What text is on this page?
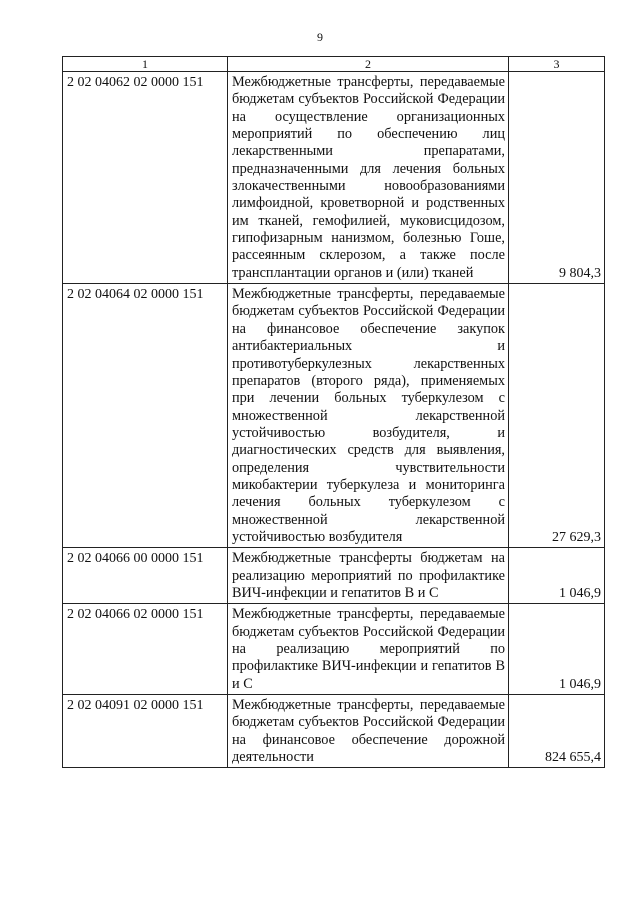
9
1	2	3
2 02 04062 02 0000 151	Межбюджетные трансферты, передаваемые бюджетам субъектов Российской Федерации на осуществление организационных мероприятий по обеспечению лиц лекарственными препаратами, предназначенными для лечения больных злокачественными новообразованиями лимфоидной, кроветворной и родственных им тканей, гемофилией, муковисцидозом, гипофизарным нанизмом, болезнью Гоше, рассеянным склерозом, а также после трансплантации органов и (или) тканей	9 804,3

2 02 04064 02 0000 151	Межбюджетные трансферты, передаваемые бюджетам субъектов Российской Федерации на финансовое обеспечение закупок антибактериальных и противотуберкулезных лекарственных препаратов (второго ряда), применяемых при лечении больных туберкулезом с множественной лекарственной устойчивостью возбудителя, и диагностических средств для выявления, определения чувствительности микобактерии туберкулеза и мониторинга лечения больных туберкулезом с множественной лекарственной устойчивостью возбудителя	27 629,3

2 02 04066 00 0000 151	Межбюджетные трансферты бюджетам на реализацию мероприятий по профилактике ВИЧ-инфекции и гепатитов В и С	1 046,9

2 02 04066 02 0000 151	Межбюджетные трансферты, передаваемые бюджетам субъектов Российской Федерации на реализацию мероприятий по профилактике ВИЧ-инфекции и гепатитов В и С	1 046,9

2 02 04091 02 0000 151	Межбюджетные трансферты, передаваемые бюджетам субъектов Российской Федерации на финансовое обеспечение дорожной деятельности	824 655,4
